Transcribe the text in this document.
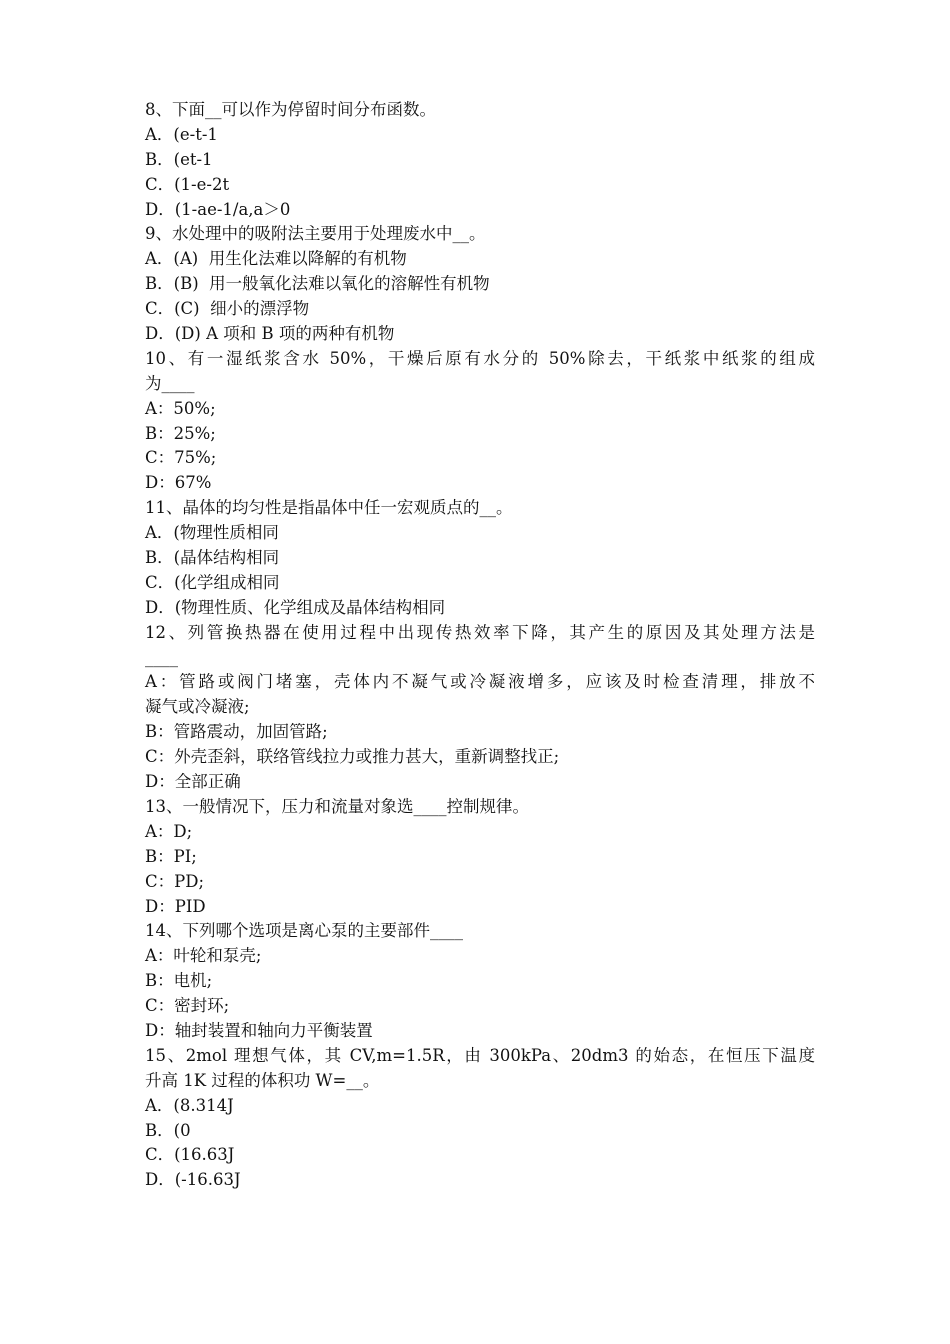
8、下面__可以作为停留时间分布函数。
A．(e-t-1
B．(et-1
C．(1-e-2t
D．(1-ae-1/a,a＞0
9、水处理中的吸附法主要用于处理废水中__。
A．(A)  用生化法难以降解的有机物
B．(B)  用一般氧化法难以氧化的溶解性有机物
C．(C)  细小的漂浮物
D．(D) A 项和 B 项的两种有机物
10、有一湿纸浆含水 50%，干燥后原有水分的 50%除去，干纸浆中纸浆的组成
为____
A：50%;
B：25%;
C：75%;
D：67%
11、晶体的均匀性是指晶体中任一宏观质点的__。
A．(物理性质相同
B．(晶体结构相同
C．(化学组成相同
D．(物理性质、化学组成及晶体结构相同
12、列管换热器在使用过程中出现传热效率下降，其产生的原因及其处理方法是
____
A：管路或阀门堵塞，壳体内不凝气或冷凝液增多，应该及时检查清理，排放不
凝气或冷凝液;
B：管路震动，加固管路;
C：外壳歪斜，联络管线拉力或推力甚大，重新调整找正;
D：全部正确
13、一般情况下，压力和流量对象选____控制规律。
A：D;
B：PI;
C：PD;
D：PID
14、下列哪个选项是离心泵的主要部件____
A：叶轮和泵壳;
B：电机;
C：密封环;
D：轴封装置和轴向力平衡装置
15、2mol 理想气体，其 CV,m=1.5R，由 300kPa、20dm3 的始态，在恒压下温度
升高 1K 过程的体积功 W=__。
A．(8.314J
B．(0
C．(16.63J
D．(-16.63J
